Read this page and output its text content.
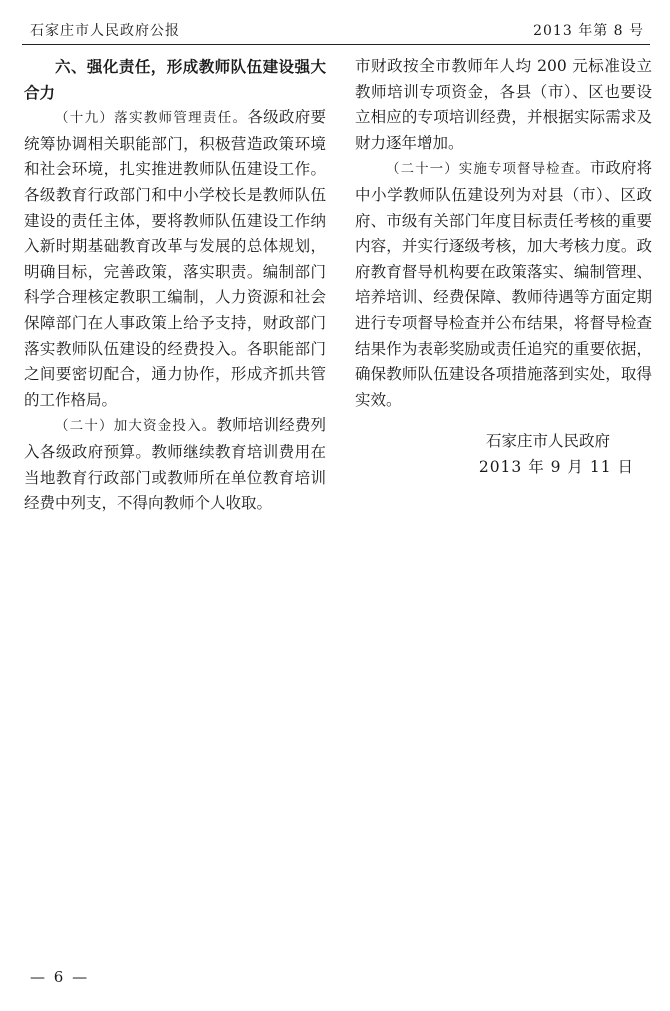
石家庄市人民政府公报	2013 年第 8 号

六、强化责任，形成教师队伍建设强大合力

（十九）落实教师管理责任。各级政府要统筹协调相关职能部门，积极营造政策环境和社会环境，扎实推进教师队伍建设工作。各级教育行政部门和中小学校长是教师队伍建设的责任主体，要将教师队伍建设工作纳入新时期基础教育改革与发展的总体规划，明确目标，完善政策，落实职责。编制部门科学合理核定教职工编制，人力资源和社会保障部门在人事政策上给予支持，财政部门落实教师队伍建设的经费投入。各职能部门之间要密切配合，通力协作，形成齐抓共管的工作格局。

（二十）加大资金投入。教师培训经费列入各级政府预算。教师继续教育培训费用在当地教育行政部门或教师所在单位教育培训经费中列支，不得向教师个人收取。

市财政按全市教师年人均 200 元标准设立教师培训专项资金，各县（市）、区也要设立相应的专项培训经费，并根据实际需求及财力逐年增加。

（二十一）实施专项督导检查。市政府将中小学教师队伍建设列为对县（市）、区政府、市级有关部门年度目标责任考核的重要内容，并实行逐级考核，加大考核力度。政府教育督导机构要在政策落实、编制管理、培养培训、经费保障、教师待遇等方面定期进行专项督导检查并公布结果，将督导检查结果作为表彰奖励或责任追究的重要依据，确保教师队伍建设各项措施落到实处，取得实效。

石家庄市人民政府

2013 年 9 月 11 日

— 6 —
